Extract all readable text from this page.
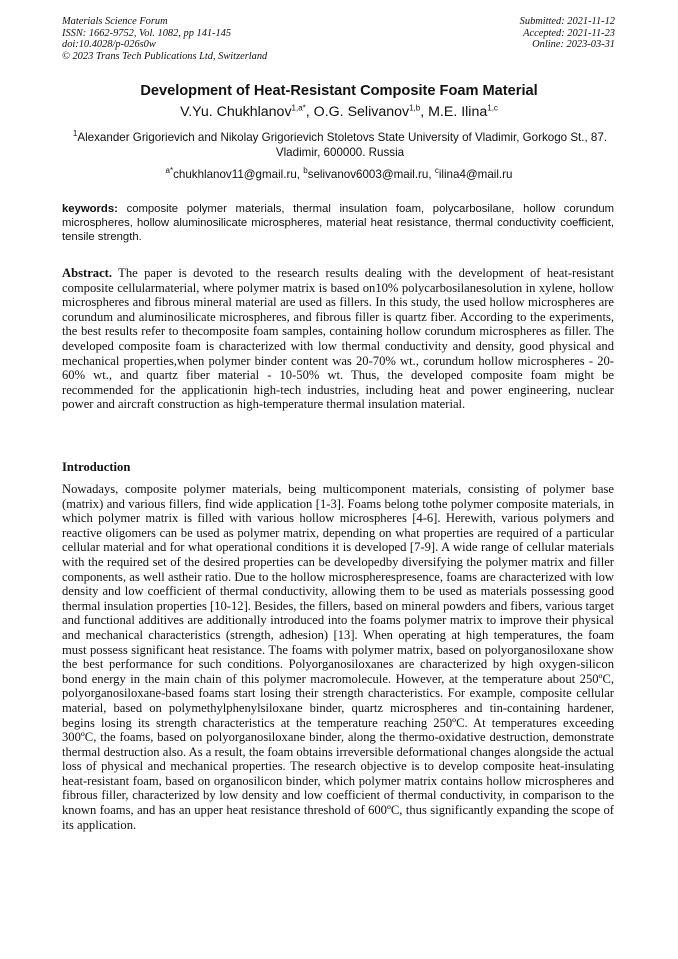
Materials Science Forum
ISSN: 1662-9752, Vol. 1082, pp 141-145
doi:10.4028/p-026s0w
© 2023 Trans Tech Publications Ltd, Switzerland
Submitted: 2021-11-12
Accepted: 2021-11-23
Online: 2023-03-31
Development of Heat-Resistant Composite Foam Material
V.Yu. Chukhlanov$^{1,a*}$, O.G. Selivanov$^{1,b}$, M.E. Ilina$^{1,c}$
$^1$Alexander Grigorievich and Nikolay Grigorievich Stoletovs State University of Vladimir, Gorkogo St., 87. Vladimir, 600000. Russia
$^{a*}$chukhlanov11@gmail.ru, $^b$selivanov6003@mail.ru, $^c$ilina4@mail.ru
keywords: composite polymer materials, thermal insulation foam, polycarbosilane, hollow corundum microspheres, hollow aluminosilicate microspheres, material heat resistance, thermal conductivity coefficient, tensile strength.
Abstract. The paper is devoted to the research results dealing with the development of heat-resistant composite cellularmaterial, where polymer matrix is based on10% polycarbosilanesolution in xylene, hollow microspheres and fibrous mineral material are used as fillers. In this study, the used hollow microspheres are corundum and aluminosilicate microspheres, and fibrous filler is quartz fiber. According to the experiments, the best results refer to thecomposite foam samples, containing hollow corundum microspheres as filler. The developed composite foam is characterized with low thermal conductivity and density, good physical and mechanical properties,when polymer binder content was 20-70% wt., corundum hollow microspheres - 20-60% wt., and quartz fiber material - 10-50% wt. Thus, the developed composite foam might be recommended for the applicationin high-tech industries, including heat and power engineering, nuclear power and aircraft construction as high-temperature thermal insulation material.
Introduction
Nowadays, composite polymer materials, being multicomponent materials, consisting of polymer base (matrix) and various fillers, find wide application [1-3]. Foams belong tothe polymer composite materials, in which polymer matrix is filled with various hollow microspheres [4-6]. Herewith, various polymers and reactive oligomers can be used as polymer matrix, depending on what properties are required of a particular cellular material and for what operational conditions it is developed [7-9]. A wide range of cellular materials with the required set of the desired properties can be developedby diversifying the polymer matrix and filler components, as well astheir ratio. Due to the hollow microspherespresence, foams are characterized with low density and low coefficient of thermal conductivity, allowing them to be used as materials possessing good thermal insulation properties [10-12]. Besides, the fillers, based on mineral powders and fibers, various target and functional additives are additionally introduced into the foams polymer matrix to improve their physical and mechanical characteristics (strength, adhesion) [13]. When operating at high temperatures, the foam must possess significant heat resistance. The foams with polymer matrix, based on polyorganosiloxane show the best performance for such conditions. Polyorganosiloxanes are characterized by high oxygen-silicon bond energy in the main chain of this polymer macromolecule. However, at the temperature about 250ºC, polyorganosiloxane-based foams start losing their strength characteristics. For example, composite cellular material, based on polymethylphenylsiloxane binder, quartz microspheres and tin-containing hardener, begins losing its strength characteristics at the temperature reaching 250ºC. At temperatures exceeding 300ºC, the foams, based on polyorganosiloxane binder, along the thermo-oxidative destruction, demonstrate thermal destruction also. As a result, the foam obtains irreversible deformational changes alongside the actual loss of physical and mechanical properties. The research objective is to develop composite heat-insulating heat-resistant foam, based on organosilicon binder, which polymer matrix contains hollow microspheres and fibrous filler, characterized by low density and low coefficient of thermal conductivity, in comparison to the known foams, and has an upper heat resistance threshold of 600ºC, thus significantly expanding the scope of its application.
